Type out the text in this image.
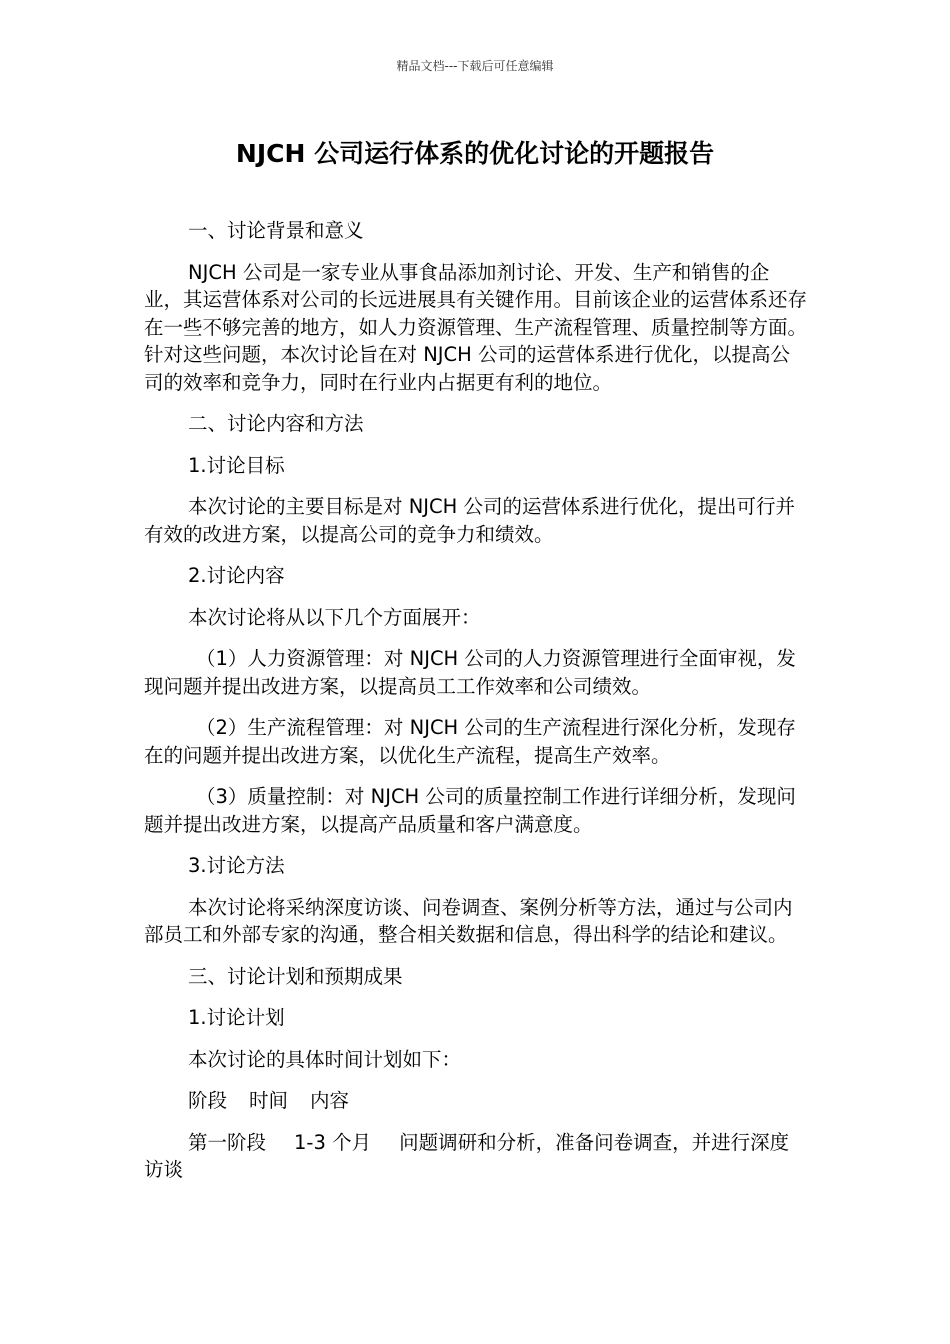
精品文档---下载后可任意编辑
NJCH 公司运行体系的优化讨论的开题报告

一、讨论背景和意义

NJCH 公司是一家专业从事食品添加剂讨论、开发、生产和销售的企业，其运营体系对公司的长远进展具有关键作用。目前该企业的运营体系还存在一些不够完善的地方，如人力资源管理、生产流程管理、质量控制等方面。针对这些问题，本次讨论旨在对 NJCH 公司的运营体系进行优化，以提高公司的效率和竞争力，同时在行业内占据更有利的地位。

二、讨论内容和方法

1.讨论目标

本次讨论的主要目标是对 NJCH 公司的运营体系进行优化，提出可行并有效的改进方案，以提高公司的竞争力和绩效。

2.讨论内容

本次讨论将从以下几个方面展开：

（1）人力资源管理：对 NJCH 公司的人力资源管理进行全面审视，发现问题并提出改进方案，以提高员工工作效率和公司绩效。

（2）生产流程管理：对 NJCH 公司的生产流程进行深化分析，发现存在的问题并提出改进方案，以优化生产流程，提高生产效率。

（3）质量控制：对 NJCH 公司的质量控制工作进行详细分析，发现问题并提出改进方案，以提高产品质量和客户满意度。

3.讨论方法

本次讨论将采纳深度访谈、问卷调查、案例分析等方法，通过与公司内部员工和外部专家的沟通，整合相关数据和信息，得出科学的结论和建议。

三、讨论计划和预期成果

1.讨论计划

本次讨论的具体时间计划如下：

阶段 时间 内容

第一阶段 1-3 个月 问题调研和分析，准备问卷调查，并进行深度访谈
